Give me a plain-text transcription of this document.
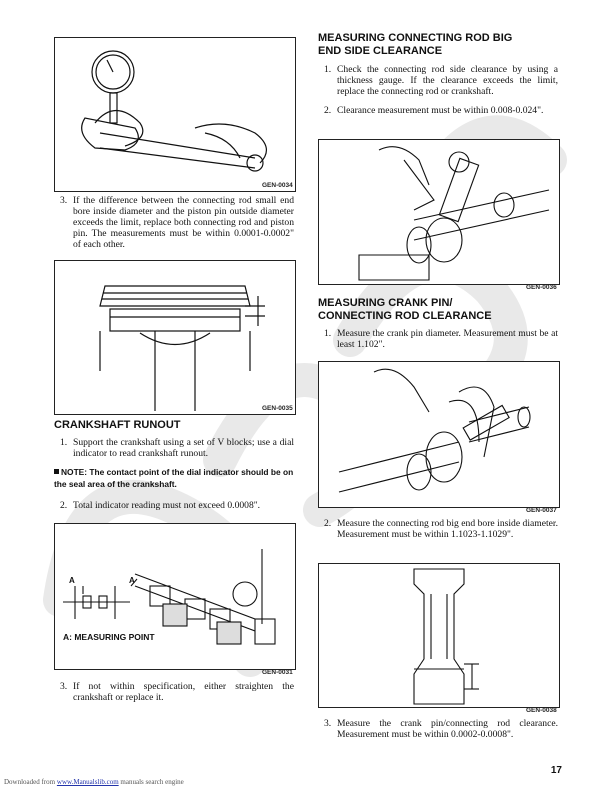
GEN-0034
3. If the difference between the connecting rod small end bore inside diameter and the piston pin outside diameter exceeds the limit, replace both connecting rod and piston pin. The measurements must be within 0.0001-0.0002" of each other.
GEN-0035
CRANKSHAFT RUNOUT
1. Support the crankshaft using a set of V blocks; use a dial indicator to read crankshaft runout.
NOTE: The contact point of the dial indicator should be on the seal area of the crankshaft.
2. Total indicator reading must not exceed 0.0008".
A	A
A: MEASURING POINT
GEN-0031
3. If not within specification, either straighten the crankshaft or replace it.
MEASURING CONNECTING ROD BIG
END SIDE CLEARANCE
1. Check the connecting rod side clearance by using a thickness gauge. If the clearance exceeds the limit, replace the connecting rod or crankshaft.
2. Clearance measurement must be within 0.008-0.024".
GEN-0036
MEASURING CRANK PIN/
CONNECTING ROD CLEARANCE
1. Measure the crank pin diameter. Measurement must be at least 1.102".
GEN-0037
2. Measure the connecting rod big end bore inside diameter. Measurement must be within 1.1023-1.1029".
GEN-0038
3. Measure the crank pin/connecting rod clearance. Measurement must be within 0.0002-0.0008".
17
Downloaded from www.Manualslib.com manuals search engine
